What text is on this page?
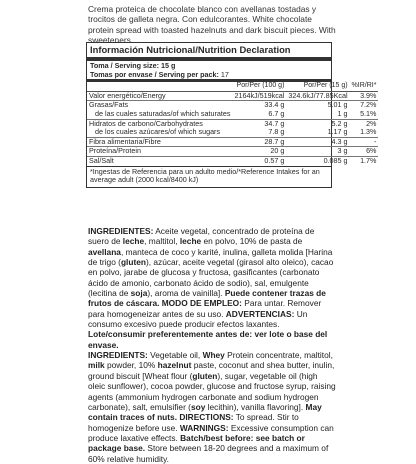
Crema proteica de chocolate blanco con avellanas tostadas y trocitos de galleta negra. Con edulcorantes. White chocolate protein spread with toasted hazelnuts and dark biscuit pieces. With sweeteners.

Información Nutricional/Nutrition Declaration
Toma / Serving size: 15 g
Tomas por envase / Serving per pack: 17
	Por/Per (100 g)	Por/Per (15 g)	%IR/RI*
Valor energético/Energy	2164kJ/519kcal	324.6kJ/77.85Kcal	3.9%
Grasas/Fats	33.4 g	5.01 g	7.2%
de las cuales saturadas/of which saturates	6.7 g	1 g	5.1%
Hidratos de carbono/Carbohydrates	34.7 g	5.2 g	2%
de los cuales azúcares/of which sugars	7.8 g	1.17 g	1.3%
Fibra alimentaria/Fibre	28.7 g	4.3 g	-
Proteína/Protein	20 g	3 g	6%
Sal/Salt	0.57 g	0.085 g	1.7%
*Ingestas de Referencia para un adulto medio/*Reference Intakes for an average adult (2000 kcal/8400 kJ)

INGREDIENTES: Aceite vegetal, concentrado de proteína de suero de leche, maltitol, leche en polvo, 10% de pasta de avellana, manteca de coco y karité, inulina, galleta molida [Harina de trigo (gluten), azúcar, aceite vegetal (girasol alto oleico), cacao en polvo, jarabe de glucosa y fructosa, gasificantes (carbonato ácido de amonio, carbonato ácido de sodio), sal, emulgente (lecitina de soja), aroma de vainilla]. Puede contener trazas de frutos de cáscara. MODO DE EMPLEO: Para untar. Remover para homogeneizar antes de su uso. ADVERTENCIAS: Un consumo excesivo puede producir efectos laxantes. Lote/consumir preferentemente antes de: ver lote o base del envase.

INGREDIENTS: Vegetable oil, Whey Protein concentrate, maltitol, milk powder, 10% hazelnut paste, coconut and shea butter, inulin, ground biscuit [Wheat flour (gluten), sugar, vegetable oil (high oleic sunflower), cocoa powder, glucose and fructose syrup, raising agents (ammonium hydrogen carbonate and sodium hydrogen carbonate), salt, emulsifier (soy lecithin), vanilla flavoring]. May contain traces of nuts. DIRECTIONS: To spread. Stir to homogenize before use. WARNINGS: Excessive consumption can produce laxative effects. Batch/best before: see batch or package base. Store between 18-20 degrees and a maximum of 60% relative humidity.
